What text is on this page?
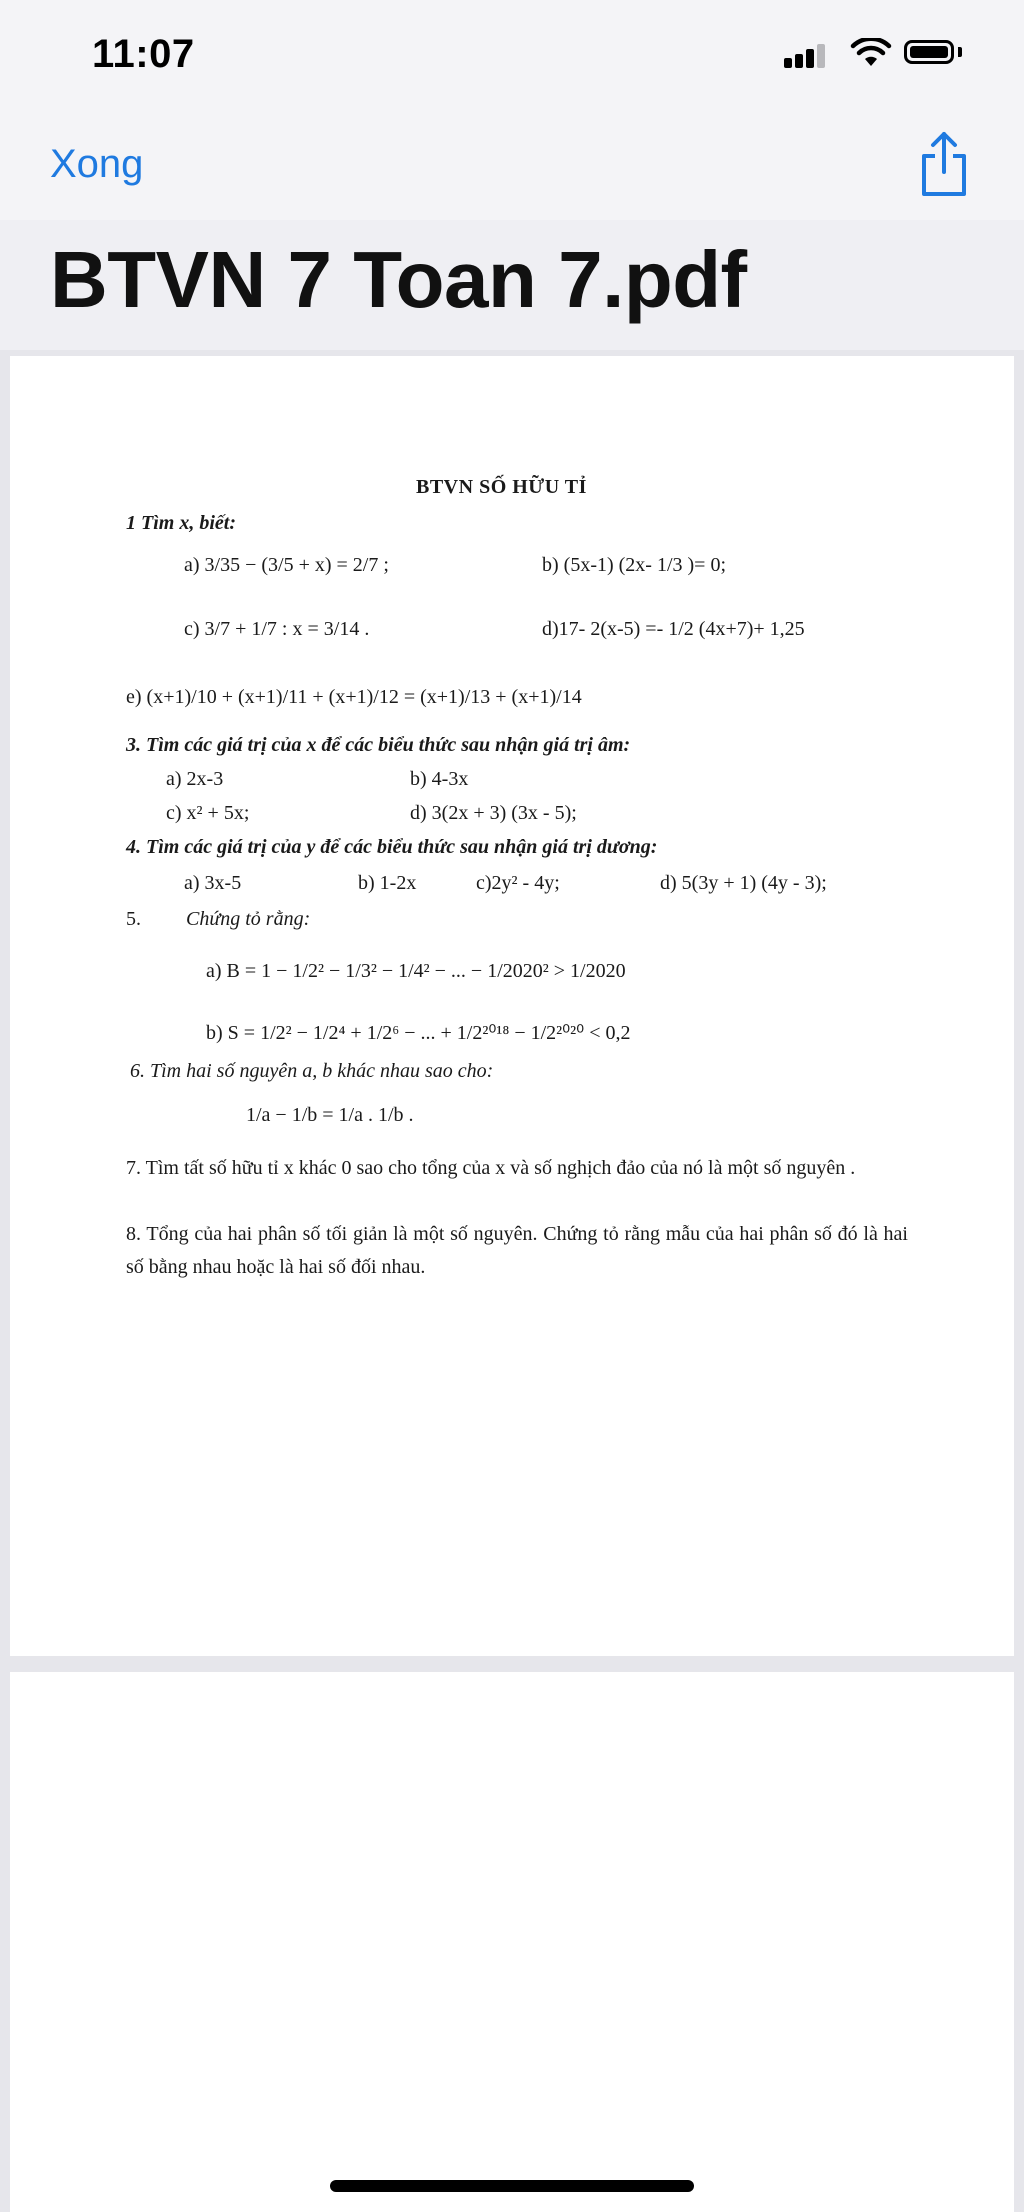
11:07
Xong
BTVN 7 Toan 7.pdf
BTVN SỐ HỮU TỈ
1 Tìm x, biết:
a) 3/35 − (3/5 + x) = 2/7 ;	b) (5x-1) (2x- 1/3 )= 0;
c) 3/7 + 1/7 : x = 3/14 .	d)17- 2(x-5) =- 1/2 (4x+7)+ 1,25
e) (x+1)/10 + (x+1)/11 + (x+1)/12 = (x+1)/13 + (x+1)/14
3. Tìm các giá trị của x để các biểu thức sau nhận giá trị âm:
a) 2x-3	b) 4-3x
c) x² + 5x;	d) 3(2x + 3) (3x - 5);
4. Tìm các giá trị của y để các biểu thức sau nhận giá trị dương:
a) 3x-5	b) 1-2x	c)2y² - 4y;	d) 5(3y + 1) (4y - 3);
5. Chứng tỏ rằng:
a) B = 1 − 1/2² − 1/3² − 1/4² − ... − 1/2020² > 1/2020
b) S = 1/2² − 1/2⁴ + 1/2⁶ − ... + 1/2²⁰¹⁸ − 1/2²⁰²⁰ < 0,2
6. Tìm hai số nguyên a, b khác nhau sao cho:
1/a − 1/b = 1/a . 1/b .
7. Tìm tất số hữu tỉ x khác 0 sao cho tổng của x và số nghịch đảo của nó là một số nguyên .
8. Tổng của hai phân số tối giản là một số nguyên. Chứng tỏ rằng mẫu của hai phân số đó là hai số bằng nhau hoặc là hai số đối nhau.
